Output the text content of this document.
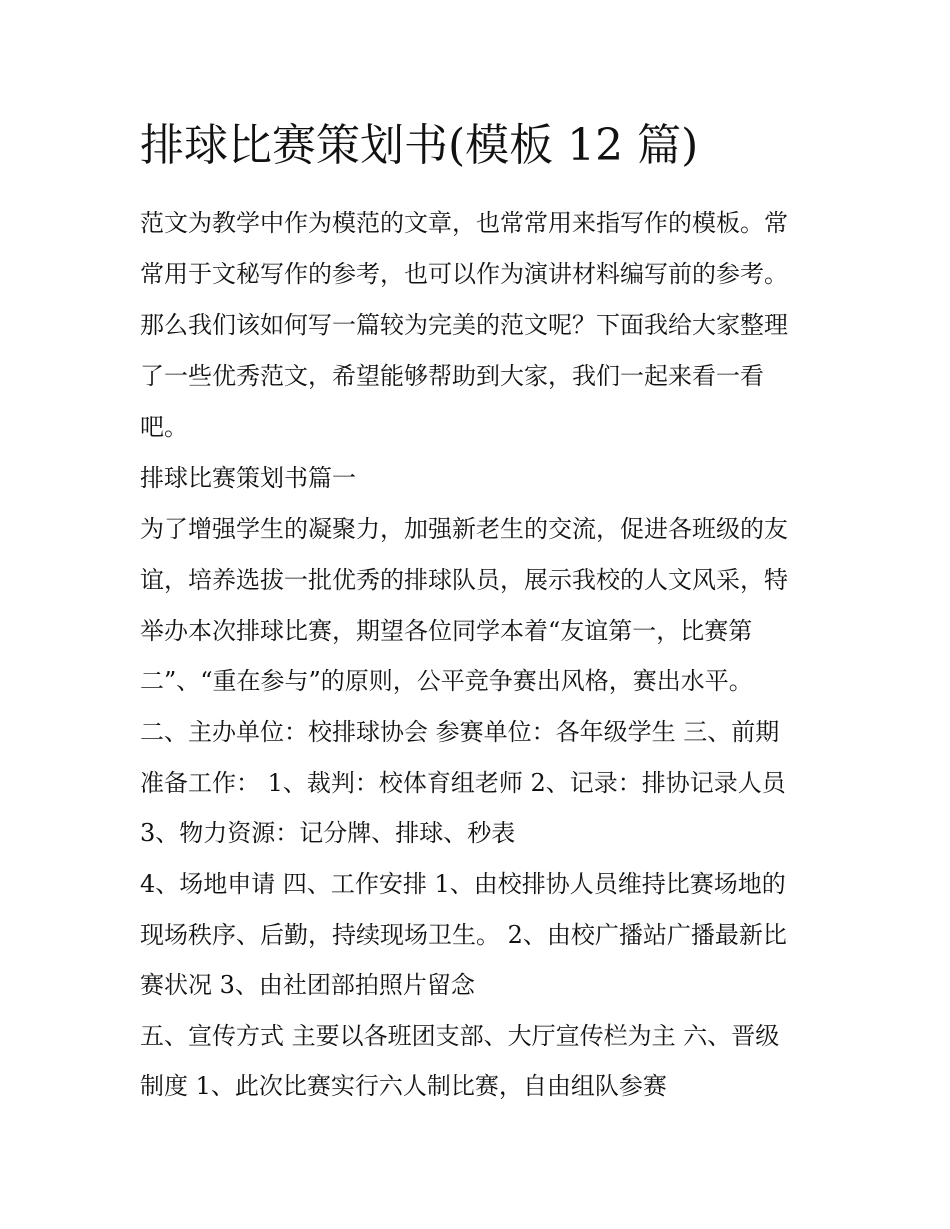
排球比赛策划书(模板 12 篇)
范文为教学中作为模范的文章，也常常用来指写作的模板。常
常用于文秘写作的参考，也可以作为演讲材料编写前的参考。
那么我们该如何写一篇较为完美的范文呢？下面我给大家整理
了一些优秀范文，希望能够帮助到大家，我们一起来看一看
吧。
排球比赛策划书篇一
为了增强学生的凝聚力，加强新老生的交流，促进各班级的友
谊，培养选拔一批优秀的排球队员，展示我校的人文风采，特
举办本次排球比赛，期望各位同学本着“友谊第一，比赛第
二”、“重在参与”的原则，公平竞争赛出风格，赛出水平。
二、主办单位：校排球协会 参赛单位：各年级学生 三、前期
准备工作： 1、裁判：校体育组老师 2、记录：排协记录人员
3、物力资源：记分牌、排球、秒表
4、场地申请 四、工作安排 1、由校排协人员维持比赛场地的
现场秩序、后勤，持续现场卫生。 2、由校广播站广播最新比
赛状况 3、由社团部拍照片留念
五、宣传方式 主要以各班团支部、大厅宣传栏为主 六、晋级
制度 1、此次比赛实行六人制比赛，自由组队参赛
